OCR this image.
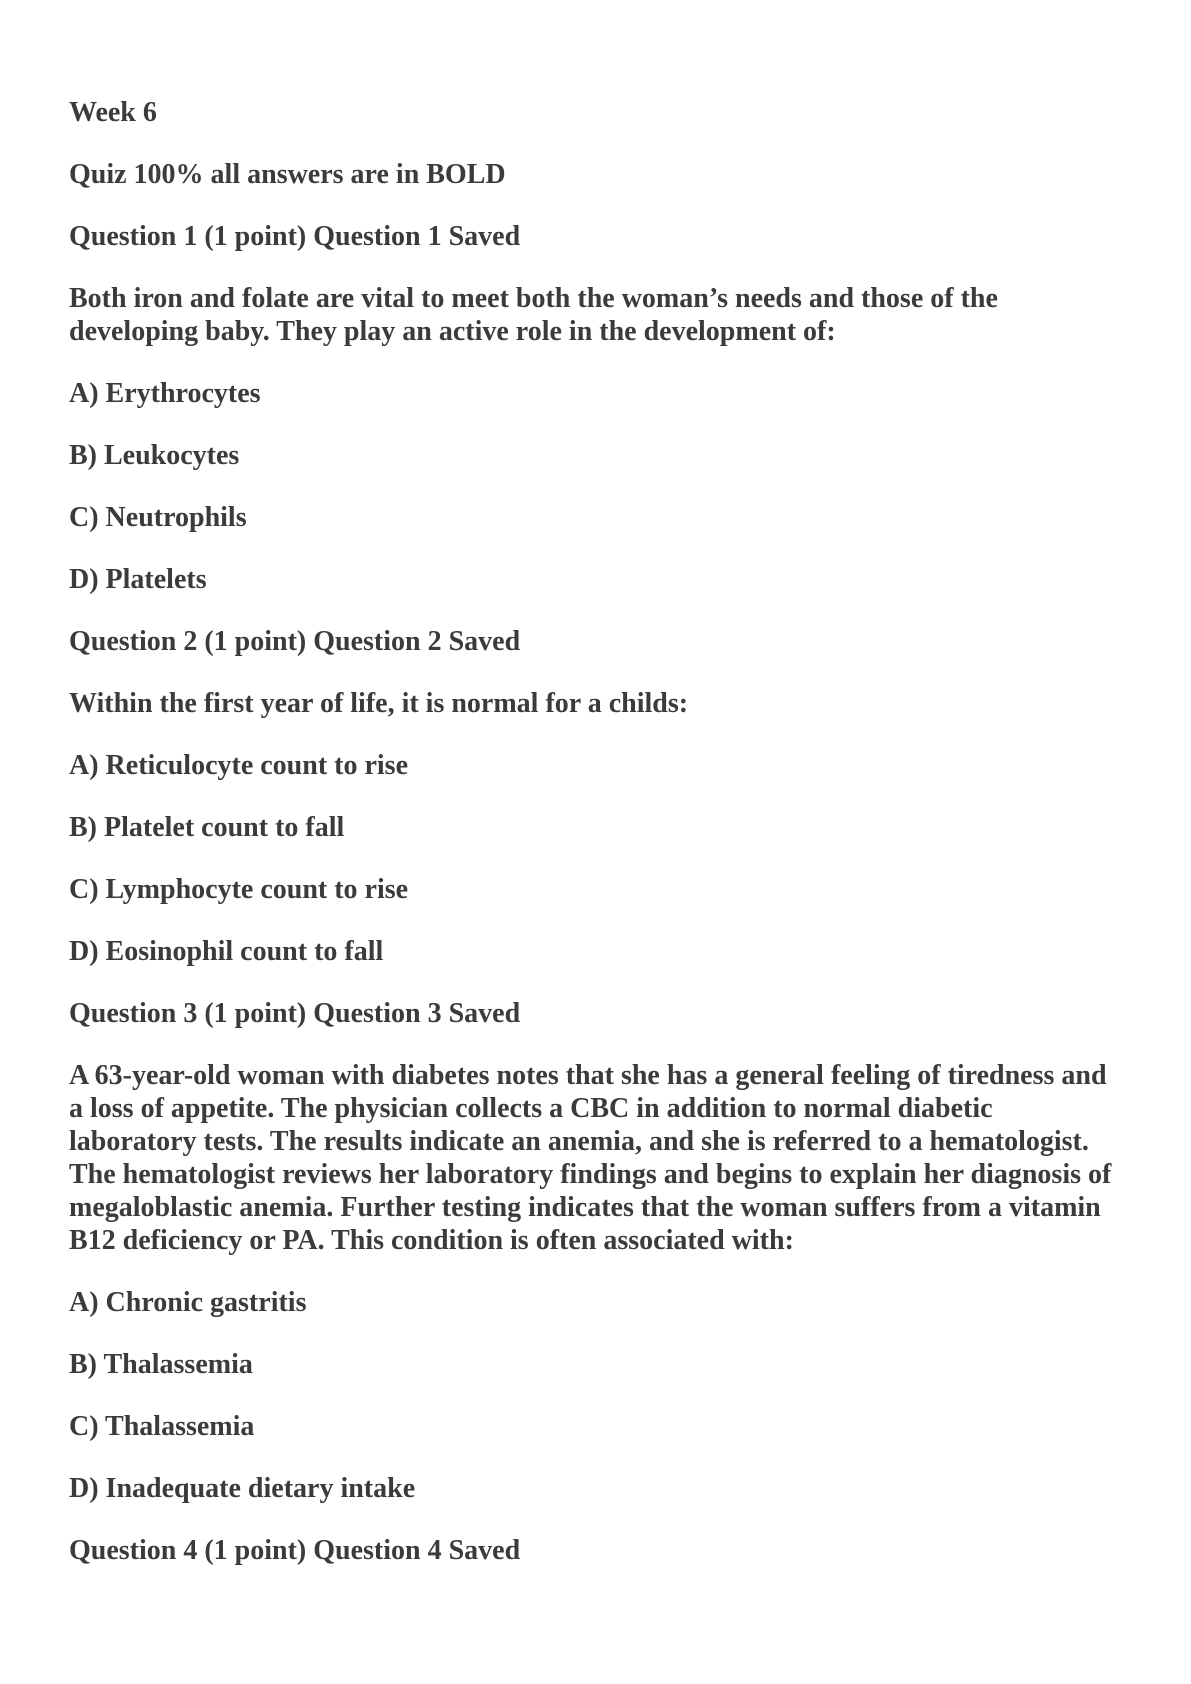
Week 6
Quiz 100% all answers are in BOLD
Question 1 (1 point) Question 1 Saved
Both iron and folate are vital to meet both the woman’s needs and those of the
developing baby. They play an active role in the development of:
A) Erythrocytes
B) Leukocytes
C) Neutrophils
D) Platelets
Question 2 (1 point) Question 2 Saved
Within the first year of life, it is normal for a childs:
A) Reticulocyte count to rise
B) Platelet count to fall
C) Lymphocyte count to rise
D) Eosinophil count to fall
Question 3 (1 point) Question 3 Saved
A 63-year-old woman with diabetes notes that she has a general feeling of tiredness and
a loss of appetite. The physician collects a CBC in addition to normal diabetic
laboratory tests. The results indicate an anemia, and she is referred to a hematologist.
The hematologist reviews her laboratory findings and begins to explain her diagnosis of
megaloblastic anemia. Further testing indicates that the woman suffers from a vitamin
B12 deficiency or PA. This condition is often associated with:
A) Chronic gastritis
B) Thalassemia
C) Thalassemia
D) Inadequate dietary intake
Question 4 (1 point) Question 4 Saved
